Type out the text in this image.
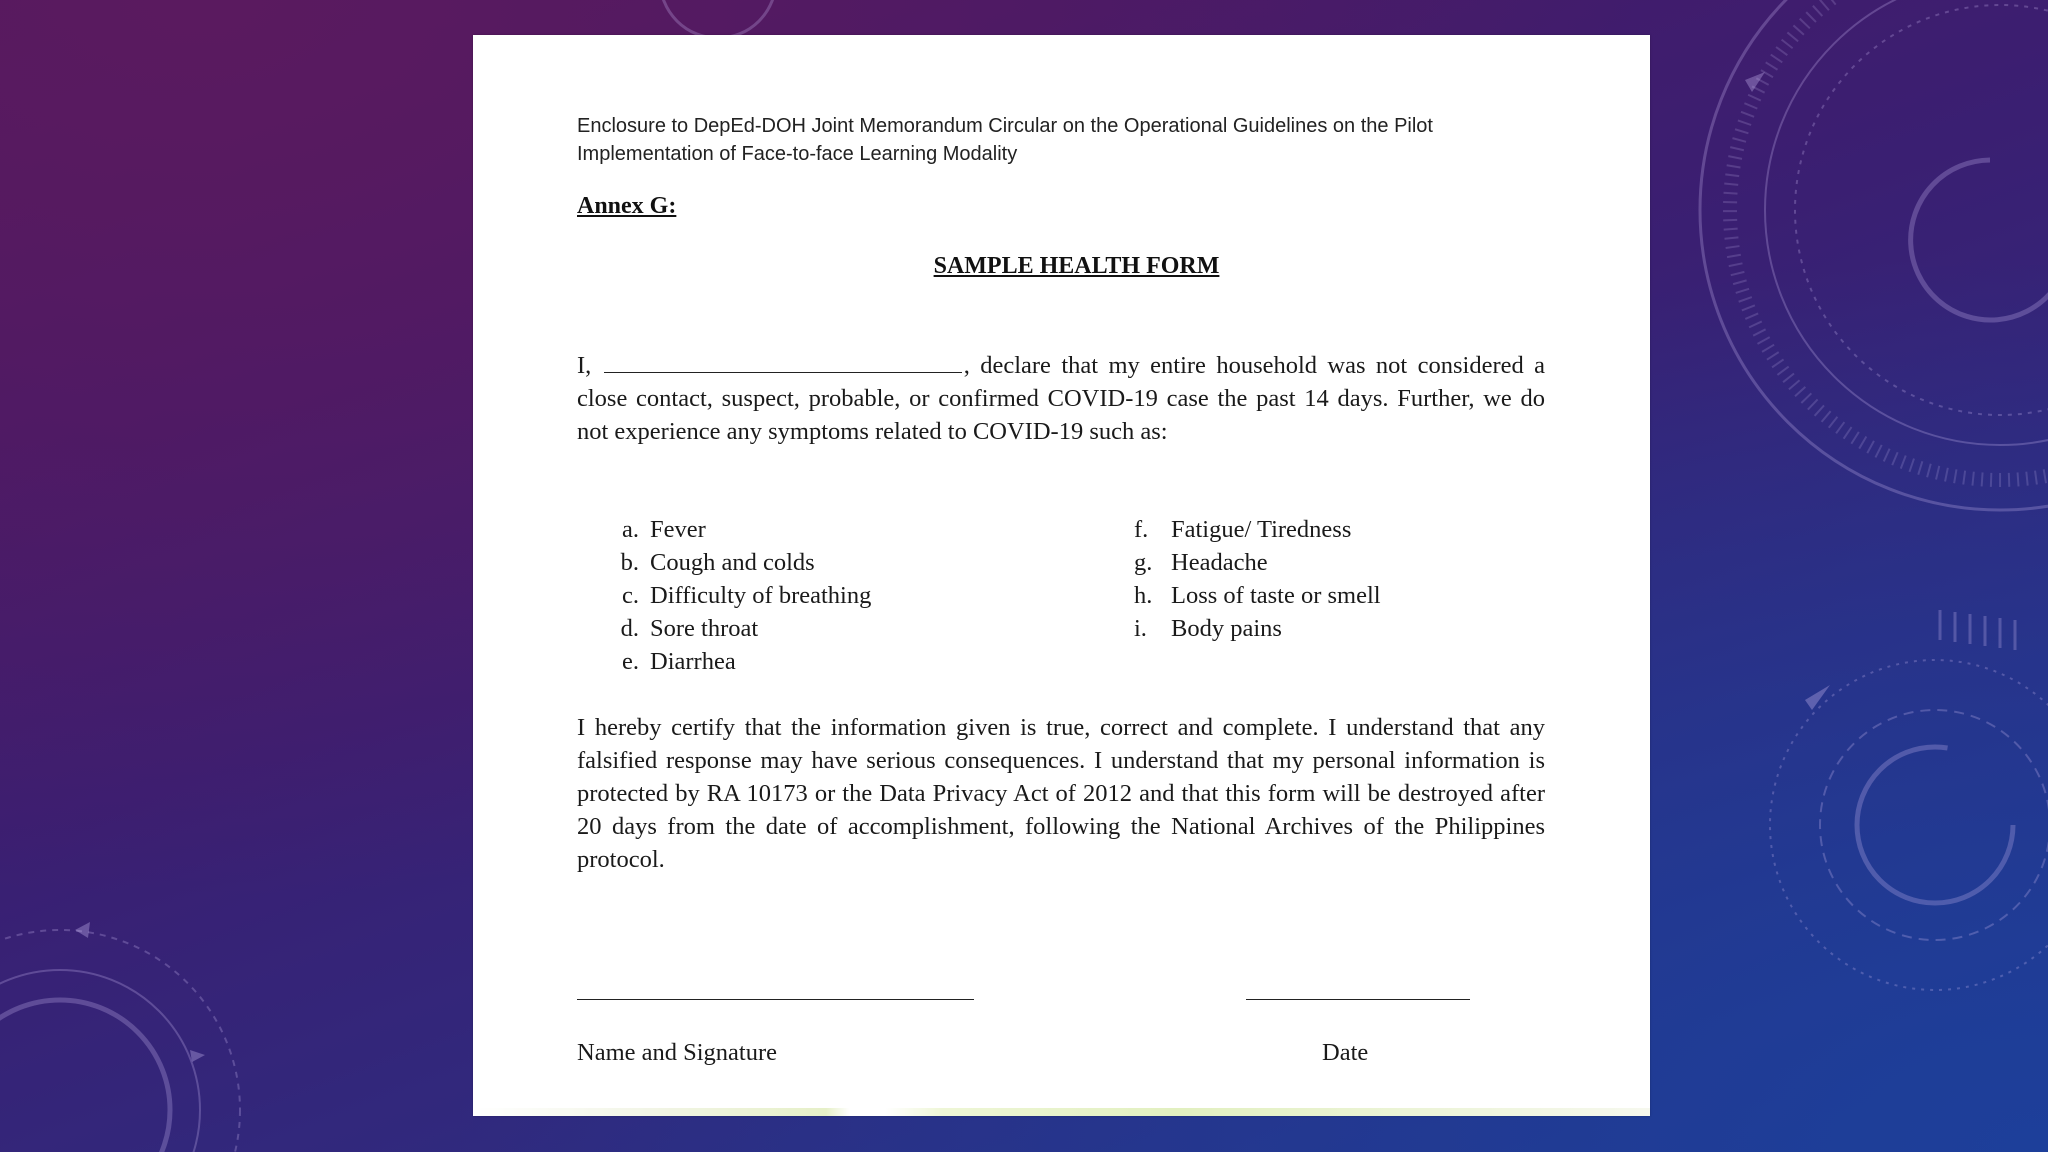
Enclosure to DepEd-DOH Joint Memorandum Circular on the Operational Guidelines on the Pilot
Implementation of Face-to-face Learning Modality
Annex G:
SAMPLE HEALTH FORM
I,	, declare that my entire household was not considered a close contact, suspect, probable, or confirmed COVID-19 case the past 14 days. Further, we do not experience any symptoms related to COVID-19 such as:
a. Fever
b. Cough and colds
c. Difficulty of breathing
d. Sore throat
e. Diarrhea
f. Fatigue/ Tiredness
g. Headache
h. Loss of taste or smell
i. Body pains
I hereby certify that the information given is true, correct and complete. I understand that any falsified response may have serious consequences. I understand that my personal information is protected by RA 10173 or the Data Privacy Act of 2012 and that this form will be destroyed after 20 days from the date of accomplishment, following the National Archives of the Philippines protocol.
Name and Signature	Date
